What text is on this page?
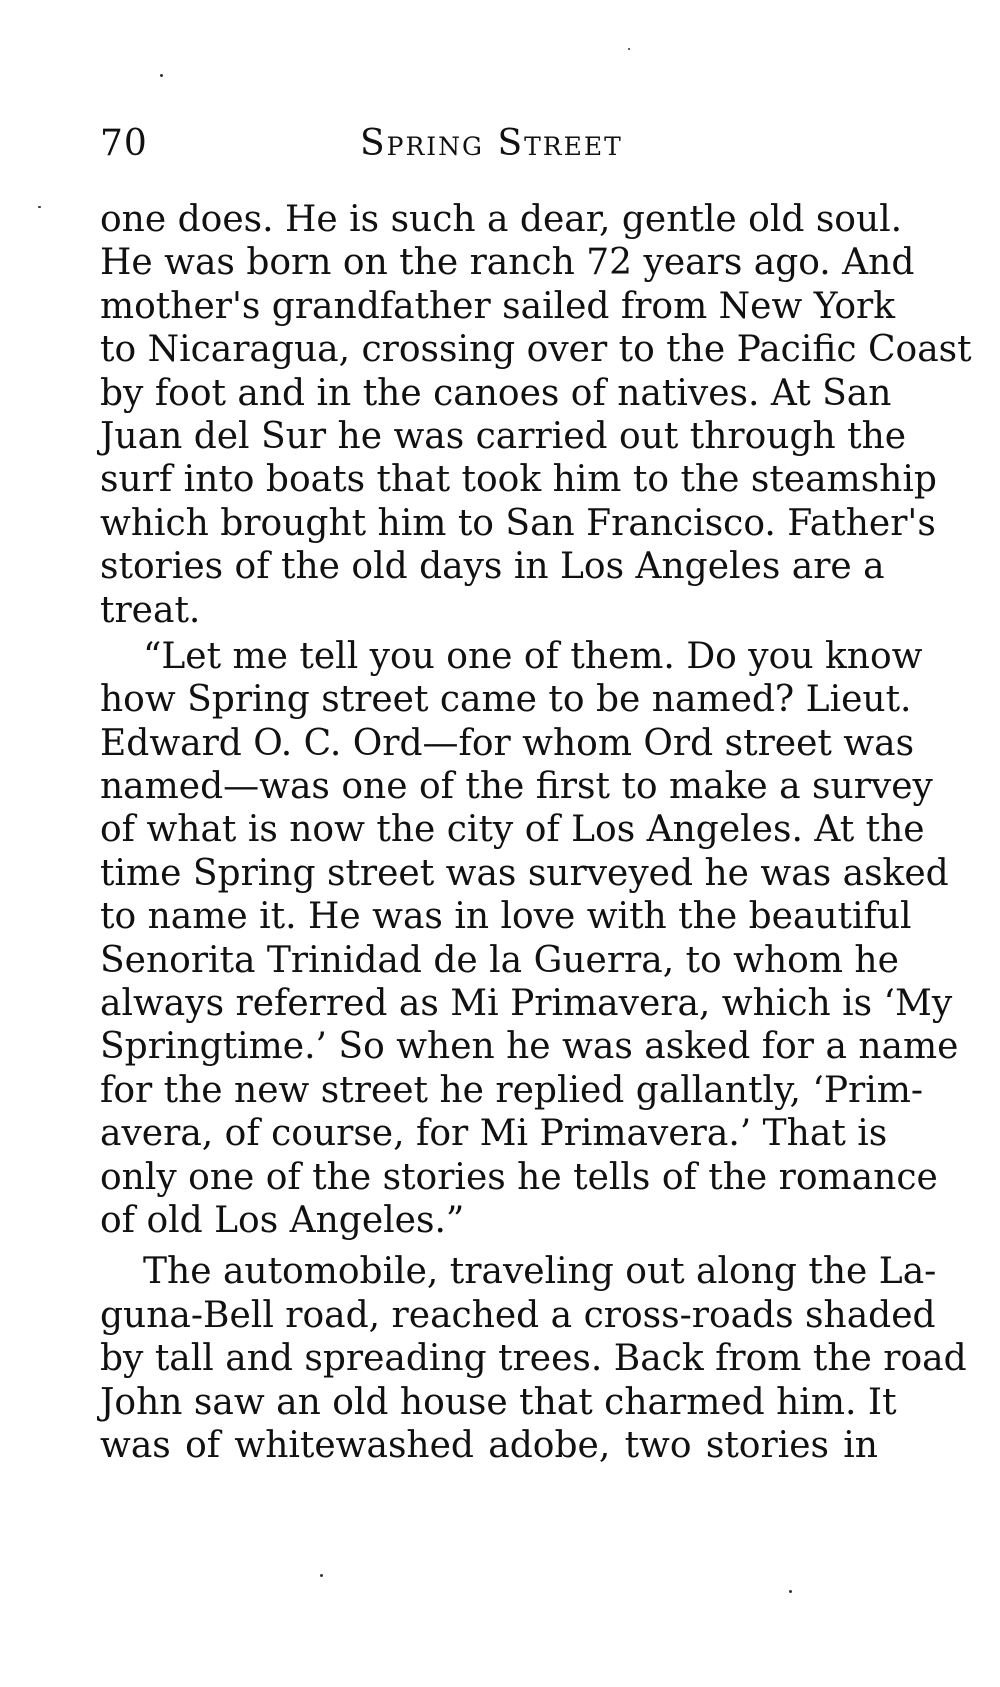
70	Spring Street
one does. He is such a dear, gentle old soul.
He was born on the ranch 72 years ago. And
mother's grandfather sailed from New York
to Nicaragua, crossing over to the Pacific Coast
by foot and in the canoes of natives. At San
Juan del Sur he was carried out through the
surf into boats that took him to the steamship
which brought him to San Francisco. Father's
stories of the old days in Los Angeles are a
treat.
“Let me tell you one of them. Do you know
how Spring street came to be named? Lieut.
Edward O. C. Ord—for whom Ord street was
named—was one of the first to make a survey
of what is now the city of Los Angeles. At the
time Spring street was surveyed he was asked
to name it. He was in love with the beautiful
Senorita Trinidad de la Guerra, to whom he
always referred as Mi Primavera, which is ‘My
Springtime.’ So when he was asked for a name
for the new street he replied gallantly, ‘Prim-
avera, of course, for Mi Primavera.’ That is
only one of the stories he tells of the romance
of old Los Angeles.”
The automobile, traveling out along the La-
guna-Bell road, reached a cross-roads shaded
by tall and spreading trees. Back from the road
John saw an old house that charmed him. It
was of whitewashed adobe, two stories in
